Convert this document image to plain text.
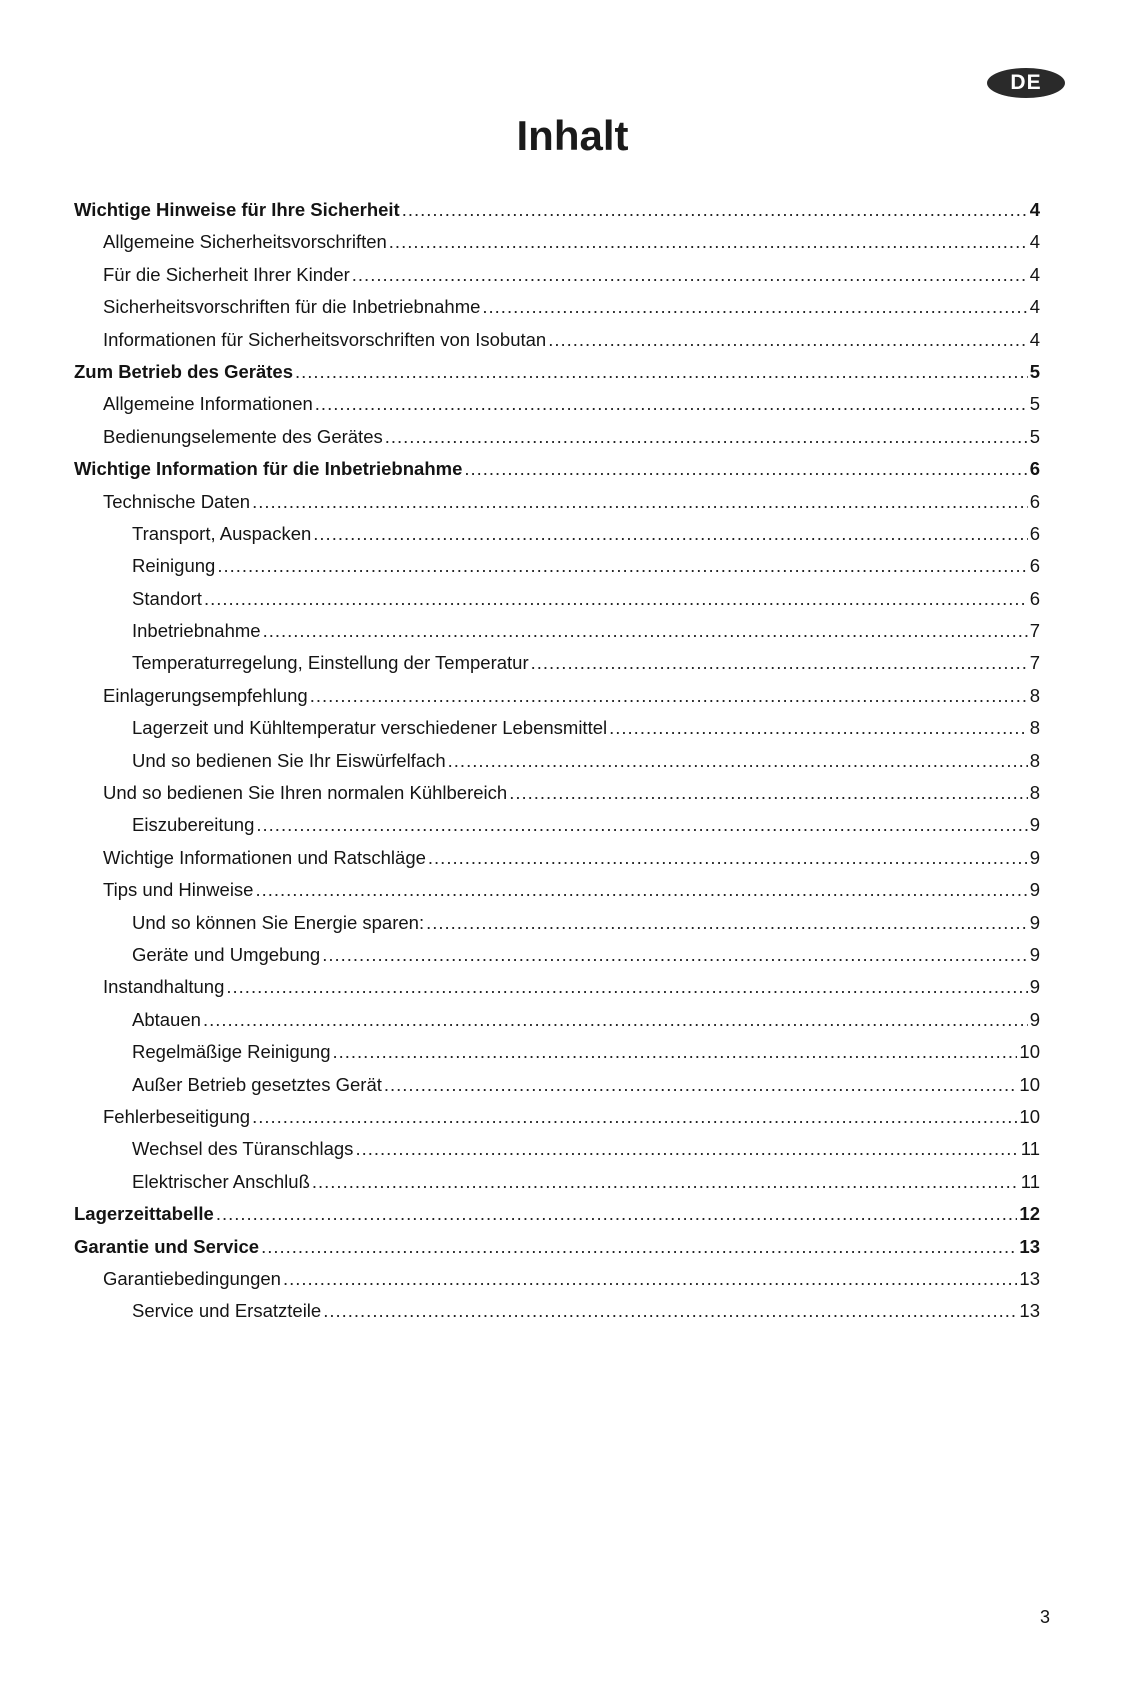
DE
Inhalt
Wichtige Hinweise für Ihre Sicherheit .....	4
Allgemeine Sicherheitsvorschriften .....	4
Für die Sicherheit Ihrer Kinder .....	4
Sicherheitsvorschriften für die Inbetriebnahme .....	4
Informationen für Sicherheitsvorschriften von Isobutan .....	4
Zum Betrieb des Gerätes .....	5
Allgemeine Informationen .....	5
Bedienungselemente des Gerätes .....	5
Wichtige Information für die Inbetriebnahme .....	6
Technische Daten .....	6
Transport, Auspacken .....	6
Reinigung .....	6
Standort .....	6
Inbetriebnahme .....	7
Temperaturregelung, Einstellung der Temperatur .....	7
Einlagerungsempfehlung .....	8
Lagerzeit und Kühltemperatur verschiedener Lebensmittel .....	8
Und so bedienen Sie Ihr Eiswürfelfach .....	8
Und so bedienen Sie Ihren normalen Kühlbereich .....	8
Eiszubereitung .....	9
Wichtige Informationen und Ratschläge .....	9
Tips und Hinweise .....	9
Und so können Sie Energie sparen: .....	9
Geräte und Umgebung .....	9
Instandhaltung .....	9
Abtauen .....	9
Regelmäßige Reinigung .....	10
Außer Betrieb gesetztes Gerät .....	10
Fehlerbeseitigung .....	10
Wechsel des Türanschlags .....	11
Elektrischer Anschluß .....	11
Lagerzeittabelle .....	12
Garantie und Service .....	13
Garantiebedingungen .....	13
Service und Ersatzteile .....	13
3
